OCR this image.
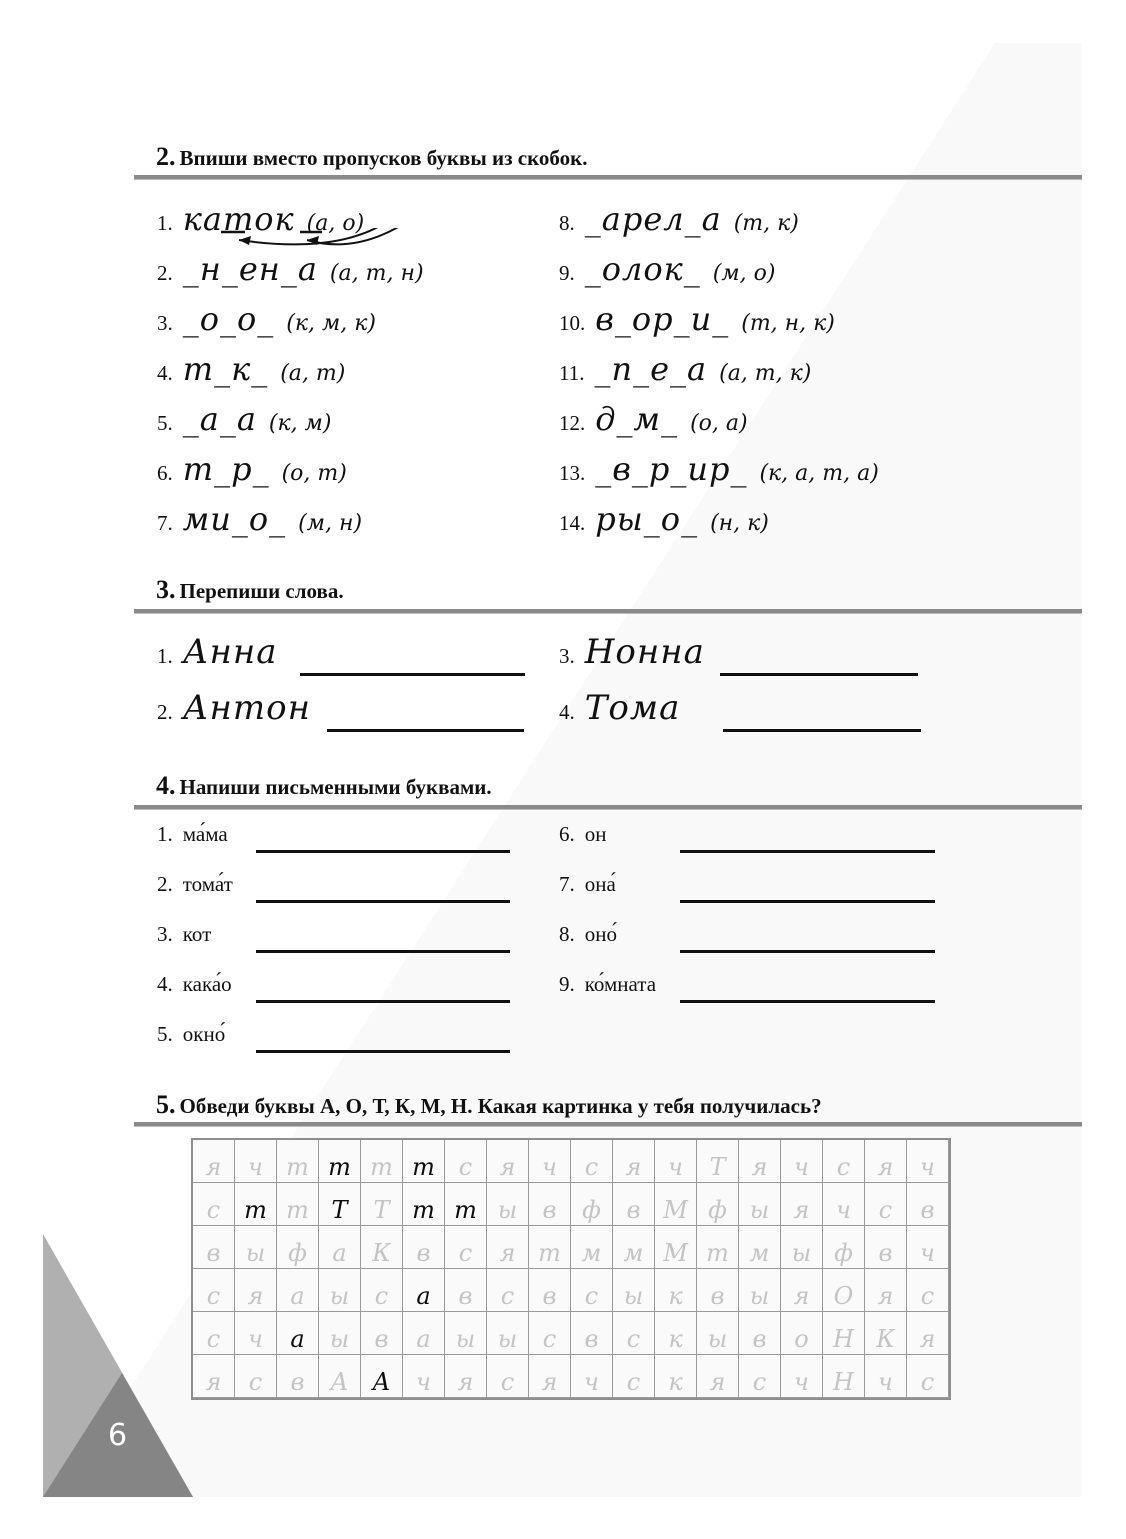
2. Впиши вместо пропусков буквы из скобок.
1. каток (а, о)
2. _н_ен_а (а, т, н)
3. _о_о_ (к, м, к)
4. т_к_ (а, т)
5. _а_а (к, м)
6. т_р_ (о, т)
7. ми_о_ (м, н)
8. _арел_а (т, к)
9. _олок_ (м, о)
10. в_ор_и_ (т, н, к)
11. _п_е_а (а, т, к)
12. д_м_ (о, а)
13. _в_р_ир_ (к, а, т, а)
14. ры_о_ (н, к)
3. Перепиши слова.
1. Анна
2. Антон
3. Нонна
4. Тома
4. Напиши письменными буквами.
1. ма́ма
2. тома́т
3. кот
4. кака́о
5. окно́
6. он
7. она́
8. оно́
9. ко́мната
5. Обведи буквы А, О, Т, К, М, Н. Какая картинка у тебя получилась?
я	ч т т т т с	я	ч	с	я	ч	Т	я	ч	с	я	ч
с т т Т	Т т т ы	в	ф	в М ф ы	я	ч	с	в
в	ы ф	а	К	в	с	я т м м М т м ы ф	в	ч
с	я	а	ы	с	а	в	с	в	с	ы	к	в	ы	я	О	я	с
с	ч	а	ы	в	а	ы ы	с	в	с	к	ы	в	о	Н К	я
я	с	в	А А	ч	я	с	я	ч	с	к	я	с	ч	Н	ч	с
6
